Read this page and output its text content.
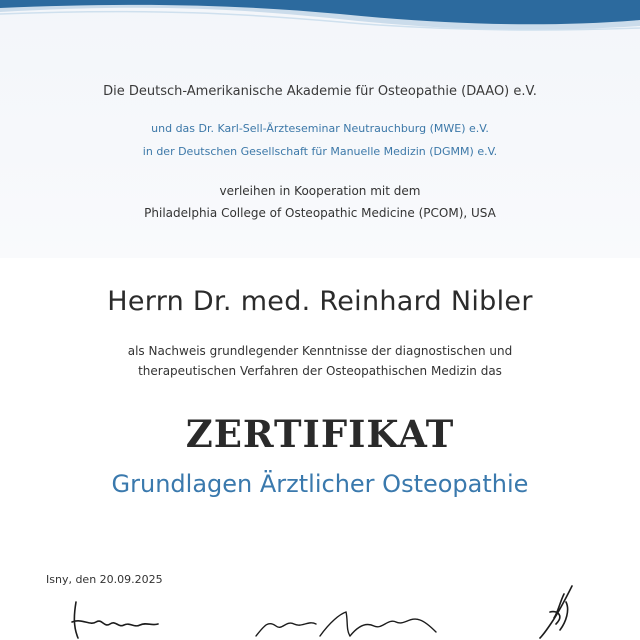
Die Deutsch-Amerikanische Akademie für Osteopathie (DAAO) e.V.
und das Dr. Karl-Sell-Ärzteseminar Neutrauchburg (MWE) e.V.
in der Deutschen Gesellschaft für Manuelle Medizin (DGMM) e.V.
verleihen in Kooperation mit dem
Philadelphia College of Osteopathic Medicine (PCOM), USA
Herrn Dr. med. Reinhard Nibler
als Nachweis grundlegender Kenntnisse der diagnostischen und
therapeutischen Verfahren der Osteopathischen Medizin das
ZERTIFIKAT
Grundlagen Ärztlicher Osteopathie
Isny, den 20.09.2025
